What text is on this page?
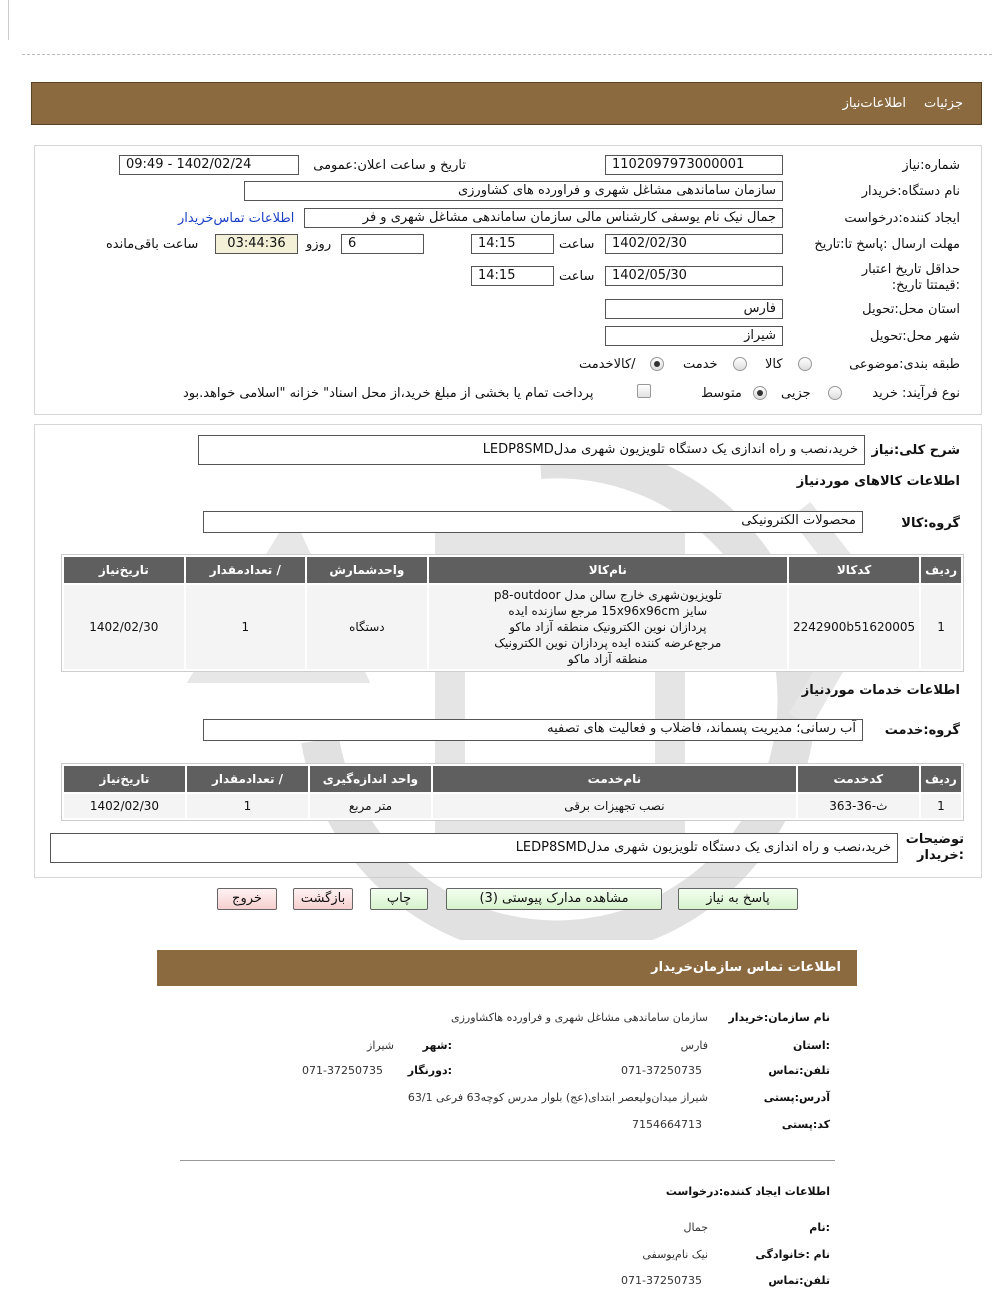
جزئیات
اطلاعات‌نیاز
شماره:نیاز
1102097973000001
تاریخ و ساعت اعلان:عمومی
1402/02/24 - 09:49
نام دستگاه:خریدار
سازمان ساماندهی مشاغل شهری و فراورده های کشاورزی
ایجاد کننده:درخواست
جمال نیک نام یوسفی کارشناس مالی سازمان ساماندهی مشاغل شهری و فر
اطلاعات تماس‌خریدار
مهلت ارسال :پاسخ تا:تاریخ
1402/02/30
ساعت
14:15
6
روزو
03:44:36
ساعت باقی‌مانده
حداقل تاریخ اعتبار :قیمتتا تاریخ:
1402/05/30
ساعت
14:15
استان محل:تحویل
فارس
شهر محل:تحویل
شیراز
طبقه بندی:موضوعی
کالا
خدمت
/کالاخدمت
نوع فرآیند: خرید
جزیی
متوسط
پرداخت تمام یا بخشی از مبلغ خرید،از محل اسناد" خزانه "اسلامی خواهد.بود
شرح کلی:نیاز
خرید،نصب و راه اندازی یک دستگاه تلویزیون شهری مدلLEDP8SMD
اطلاعات کالاهای موردنیاز
گروه:کالا
محصولات الکترونیکی
ردیف	کدکالا	نام‌کالا	واحدشمارش	/ تعدادمقدار	تاریخ‌نیاز
1	2242900b51620005	تلویزیون‌شهری خارج سالن مدل p8-outdoor سایز 15x96x96cm مرجع سازنده ایده پردازان نوین الکترونیک منطقه آزاد ماکو مرجع‌عرضه کننده ایده پردازان نوین الکترونیک منطقه آزاد ماکو	دستگاه	1	1402/02/30
اطلاعات خدمات موردنیاز
گروه:خدمت
آب رسانی؛ مدیریت پسماند، فاضلاب و فعالیت های تصفیه
ردیف	کدخدمت	نام‌خدمت	واحد اندازه‌گیری	/ تعدادمقدار	تاریخ‌نیاز
1	ث-36-363	نصب تجهیزات برقی	متر مربع	1	1402/02/30
توضیحات :خریدار
خرید،نصب و راه اندازی یک دستگاه تلویزیون شهری مدلLEDP8SMD
پاسخ به نیاز
مشاهده مدارک پیوستی (3)
چاپ
بازگشت
خروج
اطلاعات تماس سازمان‌خریدار
نام سازمان:خریدار
سازمان ساماندهی مشاغل شهری و فراورده هاکشاورزی
:استان
فارس
:شهر
شیراز
تلفن:تماس
071-37250735
:دورنگار
071-37250735
آدرس:پستی
شیراز میدان‌ولیعصر ابتدای(عج) بلوار مدرس کوچه63 فرعی 63/1
کد:پستی
7154664713
اطلاعات ایجاد کننده:درخواست
:نام
جمال
نام :خانوادگی
نیک نام‌یوسفی
تلفن:تماس
071-37250735
